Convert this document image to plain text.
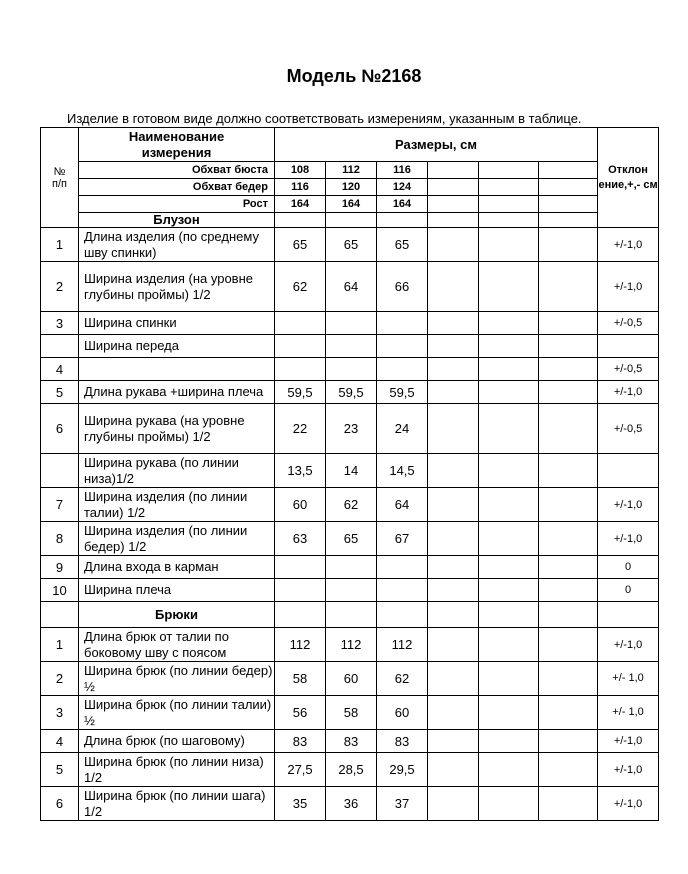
Модель №2168
Изделие в готовом виде должно соответствовать измерениям, указанным в таблице.
№ п/п	Наименование измерения	Размеры, см						Отклон ение,+,- см
	Обхват бюста	108	112	116				
	Обхват бедер	116	120	124				
	Рост	164	164	164				
	Блузон							
1	Длина изделия (по среднему шву спинки)	65	65	65				+/-1,0
2	Ширина изделия (на уровне глубины проймы) 1/2	62	64	66				+/-1,0
3	Ширина спинки							+/-0,5
	Ширина переда							
4								+/-0,5
5	Длина рукава +ширина плеча	59,5	59,5	59,5				+/-1,0
6	Ширина рукава (на уровне глубины проймы) 1/2	22	23	24				+/-0,5
	Ширина рукава (по линии низа)1/2	13,5	14	14,5				
7	Ширина изделия (по линии талии) 1/2	60	62	64				+/-1,0
8	Ширина изделия (по линии бедер) 1/2	63	65	67				+/-1,0
9	Длина входа в карман							0
10	Ширина плеча							0
	Брюки							
1	Длина брюк от талии по боковому шву с поясом	112	112	112				+/-1,0
2	Ширина брюк (по линии бедер) ½	58	60	62				+/- 1,0
3	Ширина брюк (по линии талии) ½	56	58	60				+/- 1,0
4	Длина брюк (по шаговому)	83	83	83				+/-1,0
5	Ширина брюк (по линии низа) 1/2	27,5	28,5	29,5				+/-1,0
6	Ширина брюк (по линии шага) 1/2	35	36	37				+/-1,0
